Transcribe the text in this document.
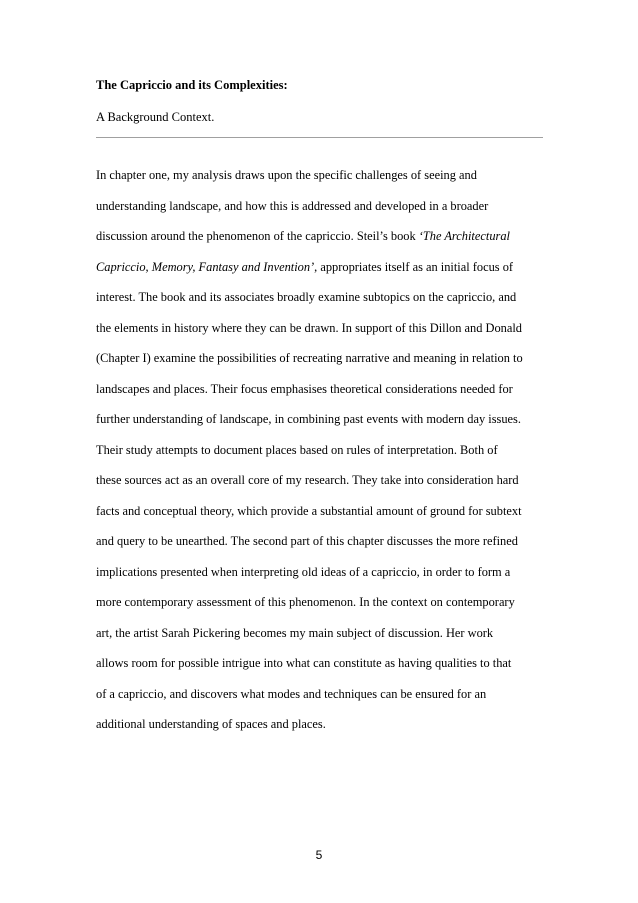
The Capriccio and its Complexities:
A Background Context.
In chapter one, my analysis draws upon the specific challenges of seeing and
understanding landscape, and how this is addressed and developed in a broader
discussion around the phenomenon of the capriccio. Steil’s book ‘The Architectural
Capriccio, Memory, Fantasy and Invention’, appropriates itself as an initial focus of
interest. The book and its associates broadly examine subtopics on the capriccio, and
the elements in history where they can be drawn. In support of this Dillon and Donald
(Chapter I) examine the possibilities of recreating narrative and meaning in relation to
landscapes and places. Their focus emphasises theoretical considerations needed for
further understanding of landscape, in combining past events with modern day issues.
Their study attempts to document places based on rules of interpretation. Both of
these sources act as an overall core of my research. They take into consideration hard
facts and conceptual theory, which provide a substantial amount of ground for subtext
and query to be unearthed. The second part of this chapter discusses the more refined
implications presented when interpreting old ideas of a capriccio, in order to form a
more contemporary assessment of this phenomenon. In the context on contemporary
art, the artist Sarah Pickering becomes my main subject of discussion. Her work
allows room for possible intrigue into what can constitute as having qualities to that
of a capriccio, and discovers what modes and techniques can be ensured for an
additional understanding of spaces and places.
5
